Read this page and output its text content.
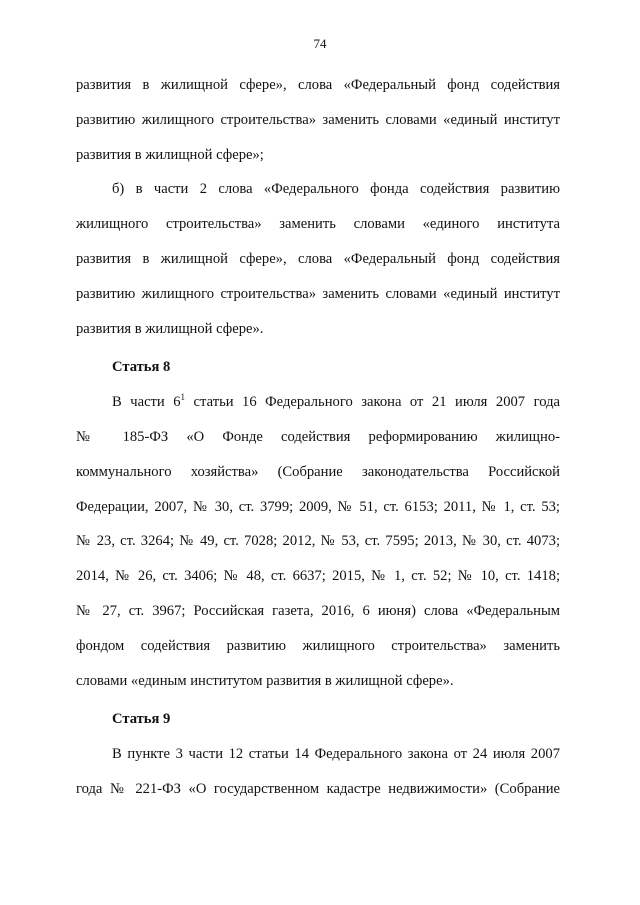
74
развития в жилищной сфере», слова «Федеральный фонд содействия
развитию жилищного строительства» заменить словами «единый институт
развития в жилищной сфере»;
б) в части 2 слова «Федерального фонда содействия развитию
жилищного строительства» заменить словами «единого института
развития в жилищной сфере», слова «Федеральный фонд содействия
развитию жилищного строительства» заменить словами «единый институт
развития в жилищной сфере».
Статья 8
В части $6^1$ статьи 16 Федерального закона от 21 июля 2007 года
№ 185-ФЗ «О Фонде содействия реформированию жилищно-
коммунального хозяйства» (Собрание законодательства Российской
Федерации, 2007, № 30, ст. 3799; 2009, № 51, ст. 6153; 2011, № 1, ст. 53;
№ 23, ст. 3264; № 49, ст. 7028; 2012, № 53, ст. 7595; 2013, № 30, ст. 4073;
2014, № 26, ст. 3406; № 48, ст. 6637; 2015, № 1, ст. 52; № 10, ст. 1418;
№ 27, ст. 3967; Российская газета, 2016, 6 июня) слова «Федеральным
фондом содействия развитию жилищного строительства» заменить
словами «единым институтом развития в жилищной сфере».
Статья 9
В пункте 3 части 12 статьи 14 Федерального закона от 24 июля 2007
года № 221-ФЗ «О государственном кадастре недвижимости» (Собрание
